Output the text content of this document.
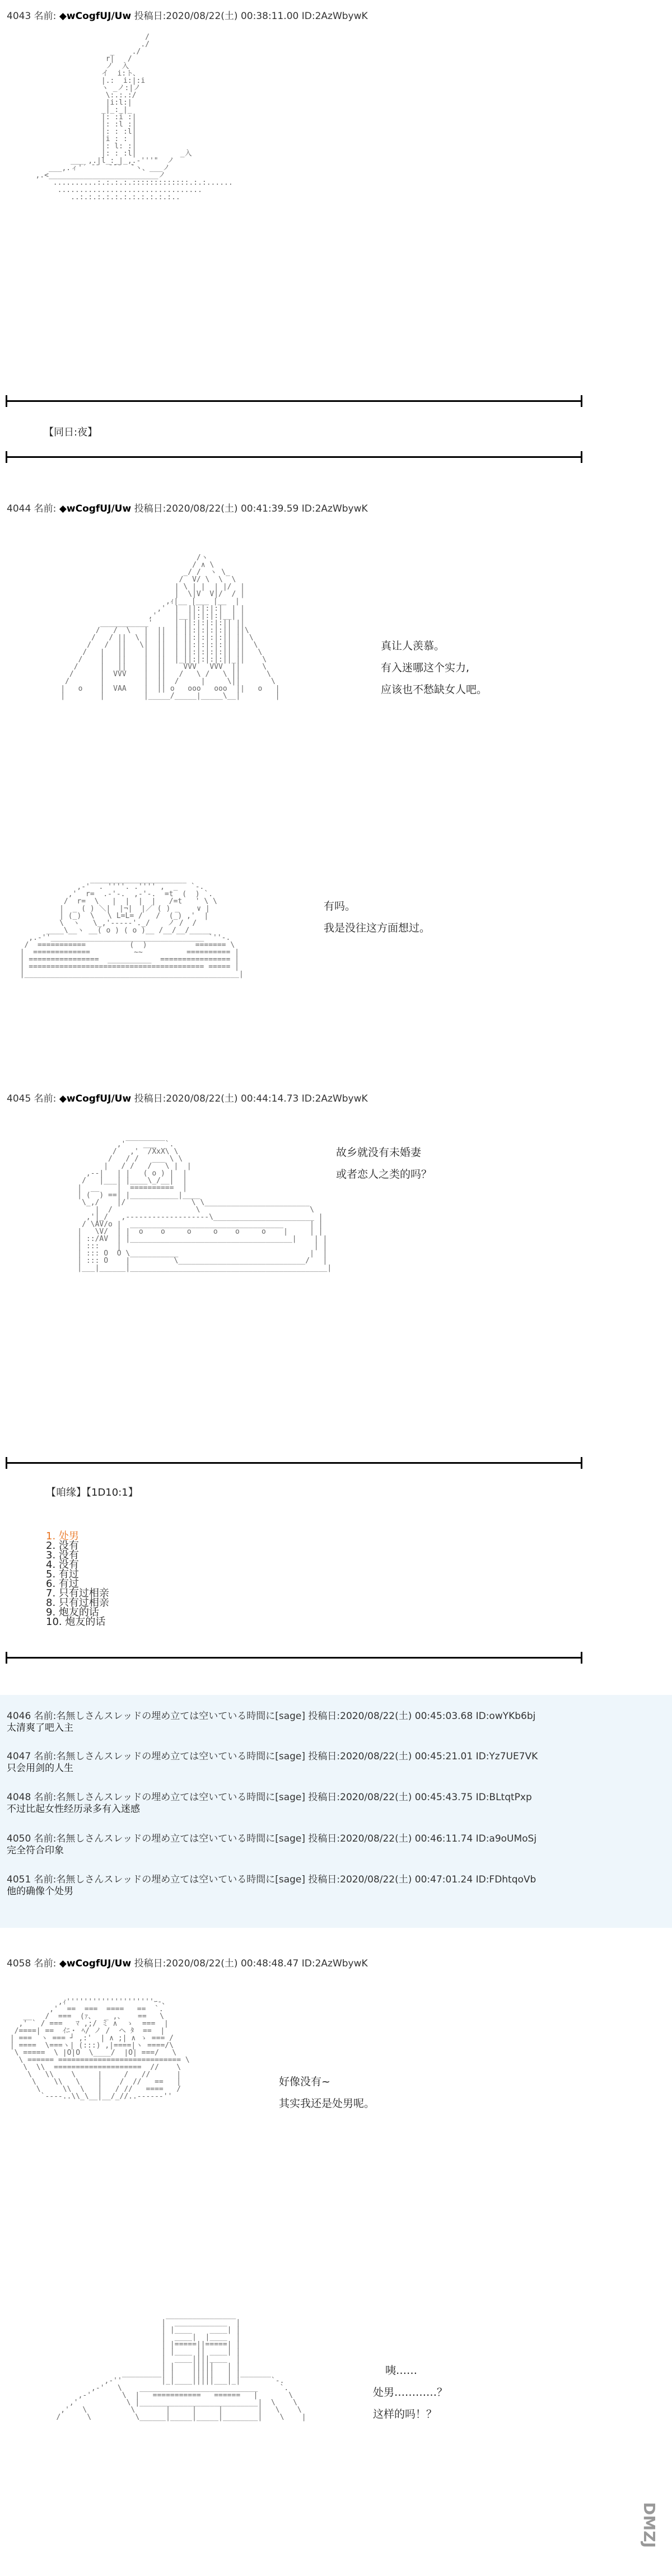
4043 名前: ◆wCogfUJ/Uw 投稿日:2020/08/22(土) 00:38:11.00 ID:2AzWbywK
/
./
_    ./
r|   /
ノ  入
イ  i:ト、
|.:  i:|:i
ヽ _ノ:|ノ
\:.:.:/
|i:l:|
_|_:_|_
|: :i :|
|: :l :|
|: : :l|
|i : : |
|: l: :|
|: : :l|          _入
___ ,.|l_:_|_,.-'''"  ノ
___,.ィ'´ ̄ ̄   ̄ ̄ ̄   ̄`ヽ、___ノ
,.<_________________________ノ
..........:.:.:.:.:::::::::::::.:.:......
.................................
..:.:.:.:.:.:.:.:.:.:.:..
【同日:夜】
4044 名前: ◆wCogfUJ/Uw 投稿日:2020/08/22(土) 00:41:39.59 ID:2AzWbywK
/ヽ
/ ∧ \
_/ /  ヽ \_
/  V/ \  \  \
| \ | |  | |/  |
|  \|V  V|/  / |
,ｨ|__ |___ |__  |
,'  |  ||:|:|:|  | |
,'    |__||:|:|:|__| |
___________'     | ||:|:|:|:|| ||
/   /  \   |  ||  | ||:|:|:|:|| ||\
/   / ||  \ |  ||  | ||:|:|:|:|| || \
/   /  ||   \|  ||  | ||:|:|:|:|| ||  \
/   |   ||    |  ||  | ||:|:|:|:|| ||   \
/    |   ||    |  ||  |_||:|:|:|:||_||    \
/     |   ||    |  ||    VVV   VVV  ||     \
/      |  VVV    |  ||   /   \ /   \ ||      \
/       |         |  ||  /     |     \||       \
|   o    |  VAA    |  || o   ooo   ooo  ||   o   |
|        |         |_____/_____|_____\__|        |
真让人羡慕。
有入迷哪这个实力,
应该也不愁缺女人吧。
______________________
,-'  . ''''. .'''' ,  _   `-.
,'  r=  .-'-.  ,-'-.  =t  (  ) `.
/  r=  \   |  |  |  |   /=t   ' \ \
|  _ ( ) ＼|  |¬|  |／ ( ) _    ∨ |
| (_)  \   \ L=L= /   /  (_) ,'  |
\  ヽ   \_,'-----'._/    ノ /  /
____\__ヽ __( o ) ( o )__ /__/__/_____
,.-''___________________________________ `''-.
/  ===========          (  )           ======= \
|  =============          ~~          ========== |
| ================  __________  ================ |
| ======================================== ===== |
|_________________________________________________|
有吗。
我是没往这方面想过。
4045 名前: ◆wCogfUJ/Uw 投稿日:2020/08/22(土) 00:44:14.73 ID:2AzWbywK
_________
,'    ___  `.
/   ,'  /XxX\ \
/   / /   ___ \ \
|   / /   /   \ |  |
,--|   | |   ( o ) |  |
/   |___| |____\_/__|  |
|  __    |  ==========  |
| (  ) ==| |___________|____
\_,/    |/               \ \________________________
|  /                   \                         \
,'|_/   ,-------------------\_______________________ |
/ \AV/o |  ___________________________________      | |
|   \V/  | |  o    o     o     o    o     o    |     | |
| ::/AV  | |_____________________________________|    | |
| :::    |                                            | |
| ::: O  O \___________                              |  |
| ::: O    |          \_____________________________/   |
|___|______|_____________________________________________|
故乡就没有未婚妻
或者恋人之类的吗？
【咱缘】【1D10:1】
1. 处男
2. 没有
3. 没有
4. 没有
5. 有过
6. 有过
7. 只有过相亲
8. 只有过相亲
9. 炮友的话
10. 炮友的话
4046 名前:名無しさんスレッドの埋め立ては空いている時間に[sage] 投稿日:2020/08/22(土) 00:45:03.68 ID:owYKb6bj
太清爽了吧入主
4047 名前:名無しさんスレッドの埋め立ては空いている時間に[sage] 投稿日:2020/08/22(土) 00:45:21.01 ID:Yz7UE7VK
只会用剑的人生
4048 名前:名無しさんスレッドの埋め立ては空いている時間に[sage] 投稿日:2020/08/22(土) 00:45:43.75 ID:BLtqtPxp
不过比起女性经历录多有入迷感
4050 名前:名無しさんスレッドの埋め立ては空いている時間に[sage] 投稿日:2020/08/22(土) 00:46:11.74 ID:a9oUMoSj
完全符合印象
4051 名前:名無しさんスレッドの埋め立ては空いている時間に[sage] 投稿日:2020/08/22(土) 00:47:01.24 ID:FDhtqoVb
他的确像个处男
4058 名前: ◆wCogfUJ/Uw 投稿日:2020/08/22(土) 00:48:48.47 ID:2AzWbywK
,ｨ''''''''''''''''''''ｰ-、
,'  ==  ===  ====   ==  `.
__   /  ===  (ｧ、  _ ,、   ==   \
,' ` / ===   ﾏ ,;/ ミ ∧  ゝ  ===  |
/====| ==  ｲﾆ・ ﾍ/ ノ /  ヘ ﾀ  ==  |
| ===  ヽ === ┘ ,:'  | ∧ ;| ∧ ゝ === /
| ====  \===ヽ| (:::) ,|====|ヽ ====/\
\ =====  \ |O|O  \____/  |O| ===/   \
\ ====== ============================ \
\  \\  ====================  //    \
\   \\    \     |     /   //      |
\    \\   \    |    /  //   ==   |
\     \\  \   |   / //   ====   /
`----..\\_\__|__/_//..------''
好像没有~
其实我还是处男呢。
________________
|  ____________  |
| |____    ____| |
|  ____|  |____  |
| |=====||=====| |
| |____ || ____| |
|  ____||||____  |
| |    |||||   | |
_________| |    |||||   | |_______
,-''         |_|____|||||___|_|       `-.
,-'   \    ___________________________     `.
,-'       \  |   ===========   ======   |       \
,'           \ |___________________________|  \    \
,'   \          \       |     |     |        |   \    \
/      \          \______|_____|_____|________|    \    |
咦……
处男…………？
这样的吗！？
DMZJ
